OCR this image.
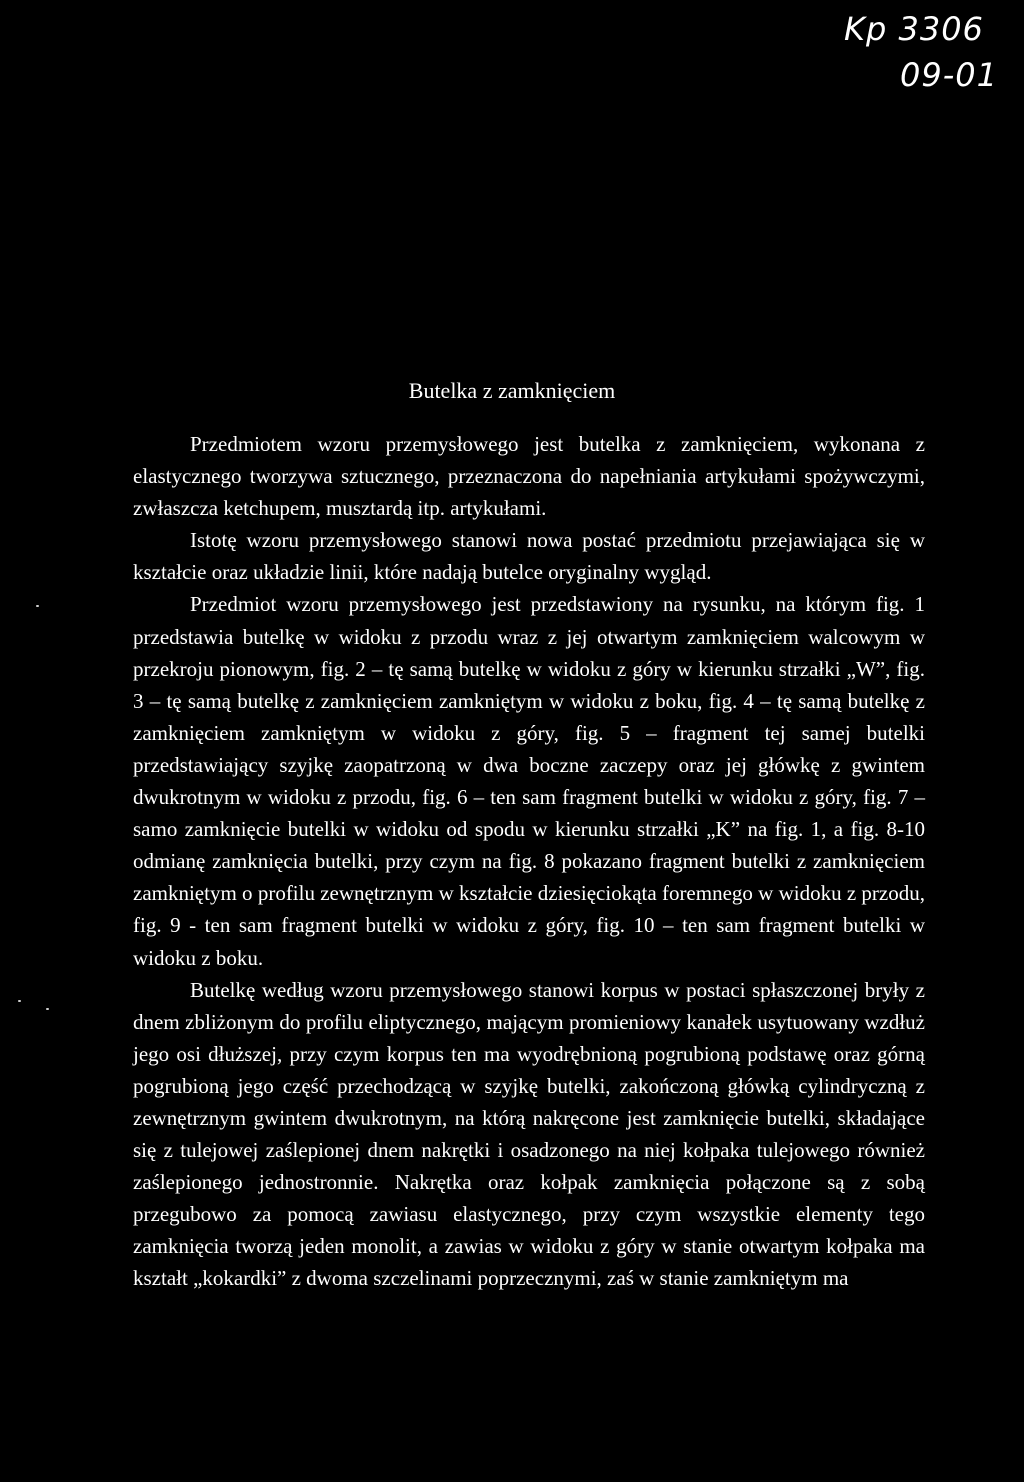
Kp 3306
09-01
Butelka z zamknięciem

Przedmiotem wzoru przemysłowego jest butelka z zamknięciem, wykonana z elastycznego tworzywa sztucznego, przeznaczona do napełniania artykułami spożywczymi, zwłaszcza ketchupem, musztardą itp. artykułami.

Istotę wzoru przemysłowego stanowi nowa postać przedmiotu przejawiająca się w kształcie oraz układzie linii, które nadają butelce oryginalny wygląd.

Przedmiot wzoru przemysłowego jest przedstawiony na rysunku, na którym fig. 1 przedstawia butelkę w widoku z przodu wraz z jej otwartym zamknięciem walcowym w przekroju pionowym, fig. 2 – tę samą butelkę w widoku z góry w kierunku strzałki „W”, fig. 3 – tę samą butelkę z zamknięciem zamkniętym w widoku z boku, fig. 4 – tę samą butelkę z zamknięciem zamkniętym w widoku z góry, fig. 5 – fragment tej samej butelki przedstawiający szyjkę zaopatrzoną w dwa boczne zaczepy oraz jej główkę z gwintem dwukrotnym w widoku z przodu, fig. 6 – ten sam fragment butelki w widoku z góry, fig. 7 – samo zamknięcie butelki w widoku od spodu w kierunku strzałki „K” na fig. 1, a fig. 8-10 odmianę zamknięcia butelki, przy czym na fig. 8 pokazano fragment butelki z zamknięciem zamkniętym o profilu zewnętrznym w kształcie dziesięciokąta foremnego w widoku z przodu, fig. 9 - ten sam fragment butelki w widoku z góry, fig. 10 – ten sam fragment butelki w widoku z boku.

Butelkę według wzoru przemysłowego stanowi korpus w postaci spłaszczonej bryły z dnem zbliżonym do profilu eliptycznego, mającym promieniowy kanałek usytuowany wzdłuż jego osi dłuższej, przy czym korpus ten ma wyodrębnioną pogrubioną podstawę oraz górną pogrubioną jego część przechodzącą w szyjkę butelki, zakończoną główką cylindryczną z zewnętrznym gwintem dwukrotnym, na którą nakręcone jest zamknięcie butelki, składające się z tulejowej zaślepionej dnem nakrętki i osadzonego na niej kołpaka tulejowego również zaślepionego jednostronnie. Nakrętka oraz kołpak zamknięcia połączone są z sobą przegubowo za pomocą zawiasu elastycznego, przy czym wszystkie elementy tego zamknięcia tworzą jeden monolit, a zawias w widoku z góry w stanie otwartym kołpaka ma kształt „kokardki” z dwoma szczelinami poprzecznymi, zaś w stanie zamkniętym ma
